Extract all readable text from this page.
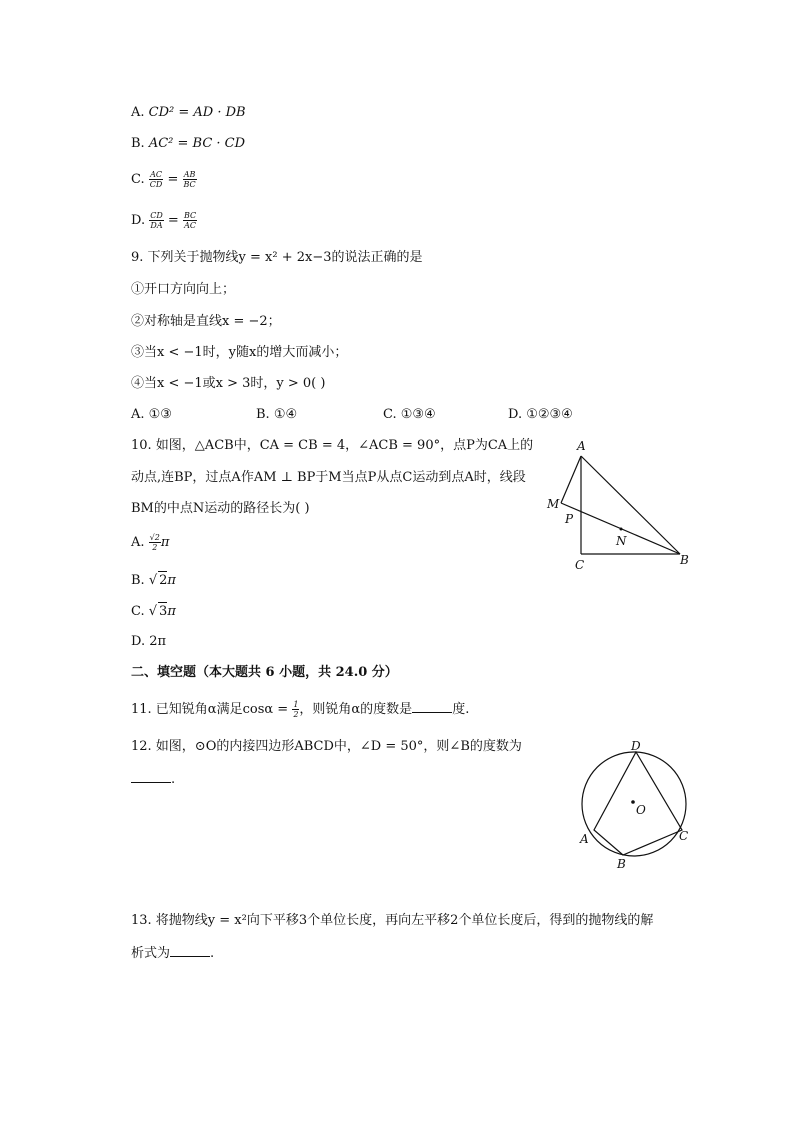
A. CD² = AD · DB
B. AC² = BC · CD
C. $\frac{AC}{CD} = \frac{AB}{BC}$
D. $\frac{CD}{DA} = \frac{BC}{AC}$
9. 下列关于抛物线y = x² + 2x−3的说法正确的是
①开口方向向上；
②对称轴是直线x = −2；
③当x < −1时，y随x的增大而减小；
④当x < −1或x > 3时，y > 0( )
A. ①③	B. ①④	C. ①③④	D. ①②③④
10. 如图，△ACB中，CA = CB = 4，∠ACB = 90°，点P为CA上的
动点,连BP，过点A作AM ⊥ BP于M当点P从点C运动到点A时，线段
BM的中点N运动的路径长为( )
A. $\frac{√2}{2}$ π
B. √ 2π
C. √ 3π
D. 2π
A
M
P
N
C	B
二、填空题（本大题共 6 小题，共 24.0 分）
11. 已知锐角α满足$\cos\alpha = \frac{1}{2}$ ，则锐角α的度数是	度.
12. 如图，⊙O的内接四边形ABCD中，∠D = 50°，则∠B的度数为
.
D
O
A	C
B
13. 将抛物线y = x²向下平移3个单位长度，再向左平移2个单位长度后，得到的抛物线的解
析式为	.
